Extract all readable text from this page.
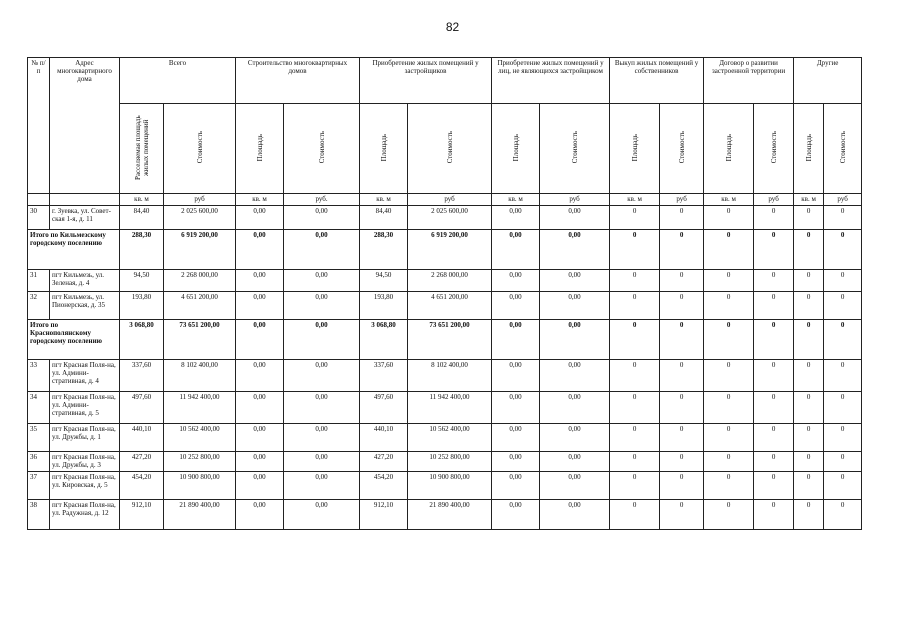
82
№ п/п	Адрес многоквартирного дома	Всего		Строительство многоквартирных домов		Приобретение жилых помещений у застройщиков		Приобретение жилых помещений у лиц, не являющихся застройщиком		Выкуп жилых помещений у собственников		Договор о развитии застроенной территории		Другие	
		Расселяемая площадь жилых помещений	Стоимость	Площадь	Стоимость	Площадь	Стоимость	Площадь	Стоимость	Площадь	Стоимость	Площадь	Стоимость	Площадь	Стоимость
		кв. м	руб	кв. м	руб.	кв. м	руб	кв. м	руб	кв. м	руб	кв. м	руб	кв. м	руб
30	г. Зуевка, ул. Совет-ская 1-я, д. 11	84,40	2 025 600,00	0,00	0,00	84,40	2 025 600,00	0,00	0,00	0	0	0	0	0	0
Итого по Кильмезскому городскому поселению		288,30	6 919 200,00	0,00	0,00	288,30	6 919 200,00	0,00	0,00	0	0	0	0	0	0
31	пгт Кильмезь, ул. Зеленая, д. 4	94,50	2 268 000,00	0,00	0,00	94,50	2 268 000,00	0,00	0,00	0	0	0	0	0	0
32	пгт Кильмезь, ул. Пионерская, д. 35	193,80	4 651 200,00	0,00	0,00	193,80	4 651 200,00	0,00	0,00	0	0	0	0	0	0
Итого по Краснополянскому городскому поселению		3 068,80	73 651 200,00	0,00	0,00	3 068,80	73 651 200,00	0,00	0,00	0	0	0	0	0	0
33	пгт Красная Поля-на, ул. Админи-стративная, д. 4	337,60	8 102 400,00	0,00	0,00	337,60	8 102 400,00	0,00	0,00	0	0	0	0	0	0
34	пгт Красная Поля-на, ул. Админи-стративная, д. 5	497,60	11 942 400,00	0,00	0,00	497,60	11 942 400,00	0,00	0,00	0	0	0	0	0	0
35	пгт Красная Поля-на, ул. Дружбы, д. 1	440,10	10 562 400,00	0,00	0,00	440,10	10 562 400,00	0,00	0,00	0	0	0	0	0	0
36	пгт Красная Поля-на, ул. Дружбы, д. 3	427,20	10 252 800,00	0,00	0,00	427,20	10 252 800,00	0,00	0,00	0	0	0	0	0	0
37	пгт Красная Поля-на, ул. Кировская, д. 5	454,20	10 900 800,00	0,00	0,00	454,20	10 900 800,00	0,00	0,00	0	0	0	0	0	0
38	пгт Красная Поля-на, ул. Радужная, д. 12	912,10	21 890 400,00	0,00	0,00	912,10	21 890 400,00	0,00	0,00	0	0	0	0	0	0
